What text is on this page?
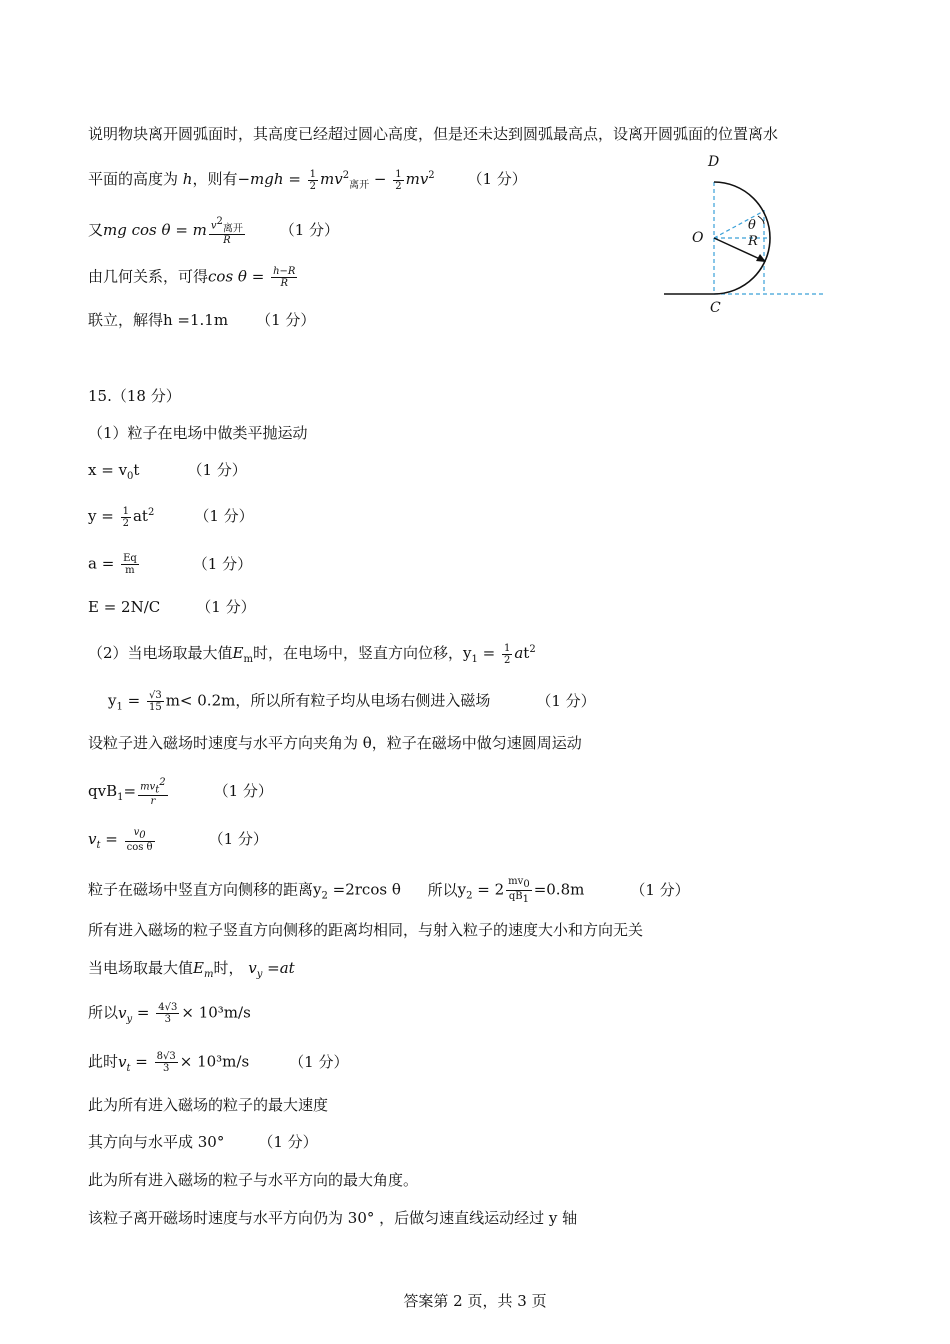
说明物块离开圆弧面时，其高度已经超过圆心高度，但是还未达到圆弧最高点，设离开圆弧面的位置离水
平面的高度为 h，则有$-mgh = \frac{1}{2} mv^2_{离开} - \frac{1}{2} mv^2$ （1 分）
又mg cos θ = m $\frac{v^2_{离开}}{R} (1$ 分）
由几何关系，可得$\cos \theta = \frac{h-R}{R}$
联立，解得h =1.1m （1 分）
D
O
C
θ
R
15.（18 分）
（1）粒子在电场中做类平抛运动
$x = v_0t$	（1 分）
$y = \frac{1}{2} at^2$	（1 分）
$a = \frac{Eq}{m}$	（1 分）
E = 2N/C （1 分）
（2）当电场取最大值$E_m$时，在电场中，竖直方向位移，$y_1 = \frac{1}{2} at^2$
$y_1 = \frac{√3}{15} m< 0.2m$，所以所有粒子均从电场右侧进入磁场	（1 分）
设粒子进入磁场时速度与水平方向夹角为 θ，粒子在磁场中做匀速圆周运动
$qvB_1= \frac{mv_t^2}{r}$	（1 分）
$v_t = \frac{v_0}{\text{cos θ}}$	（1 分）
粒子在磁场中竖直方向侧移的距离$y_2 =2rcos$ θ 所以$y_2 = 2 \frac{mv_0}{qB_1} =0.8m$	（1 分）
所有进入磁场的粒子竖直方向侧移的距离均相同，与射入粒子的速度大小和方向无关
当电场取最大值$E_m$时， $v_y =at$
所以$v_y = \frac{4√3}{3} \times 10^3m/s$
此时$v_t = \frac{8√3}{3} \times 10^3m/s$	（1 分）
此为所有进入磁场的粒子的最大速度
其方向与水平成 30° （1 分）
此为所有进入磁场的粒子与水平方向的最大角度。
该粒子离开磁场时速度与水平方向仍为 30° ，后做匀速直线运动经过 y 轴
答案第 2 页，共 3 页
